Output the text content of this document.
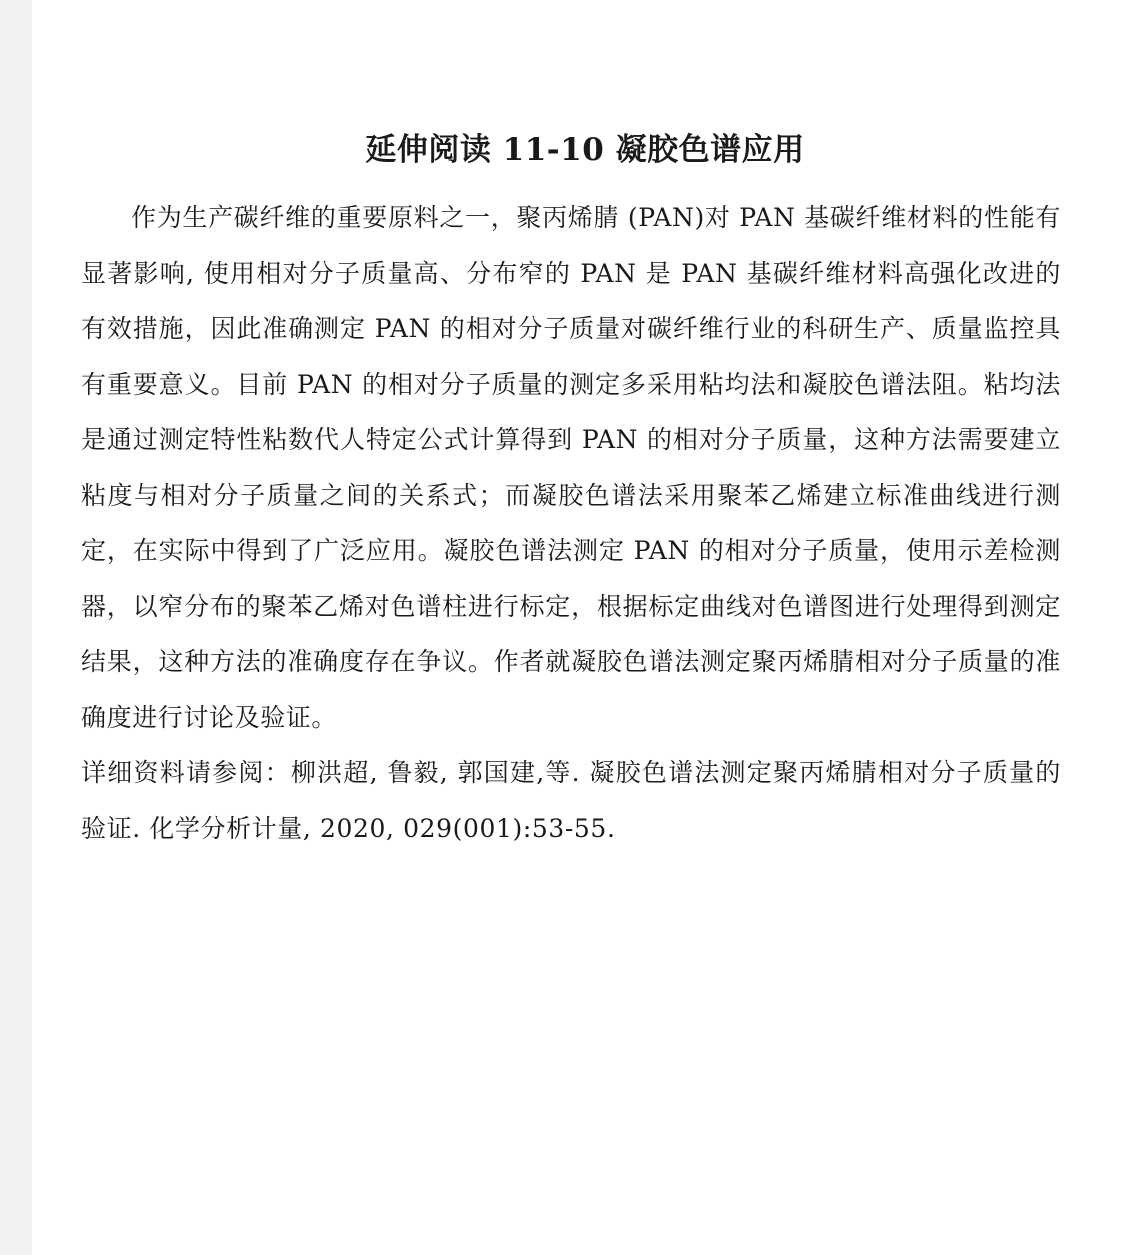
延伸阅读 11-10 凝胶色谱应用

作为生产碳纤维的重要原料之一，聚丙烯腈 (PAN)对 PAN 基碳纤维材料的性能有显著影响, 使用相对分子质量高、分布窄的 PAN 是 PAN 基碳纤维材料高强化改进的有效措施，因此准确测定 PAN 的相对分子质量对碳纤维行业的科研生产、质量监控具有重要意义。目前 PAN 的相对分子质量的测定多采用粘均法和凝胶色谱法阻。粘均法是通过测定特性粘数代人特定公式计算得到 PAN 的相对分子质量，这种方法需要建立粘度与相对分子质量之间的关系式；而凝胶色谱法采用聚苯乙烯建立标准曲线进行测定，在实际中得到了广泛应用。凝胶色谱法测定 PAN 的相对分子质量，使用示差检测器，以窄分布的聚苯乙烯对色谱柱进行标定，根据标定曲线对色谱图进行处理得到测定结果，这种方法的准确度存在争议。作者就凝胶色谱法测定聚丙烯腈相对分子质量的准确度进行讨论及验证。

详细资料请参阅：柳洪超, 鲁毅, 郭国建,等. 凝胶色谱法测定聚丙烯腈相对分子质量的验证. 化学分析计量, 2020, 029(001):53-55.
